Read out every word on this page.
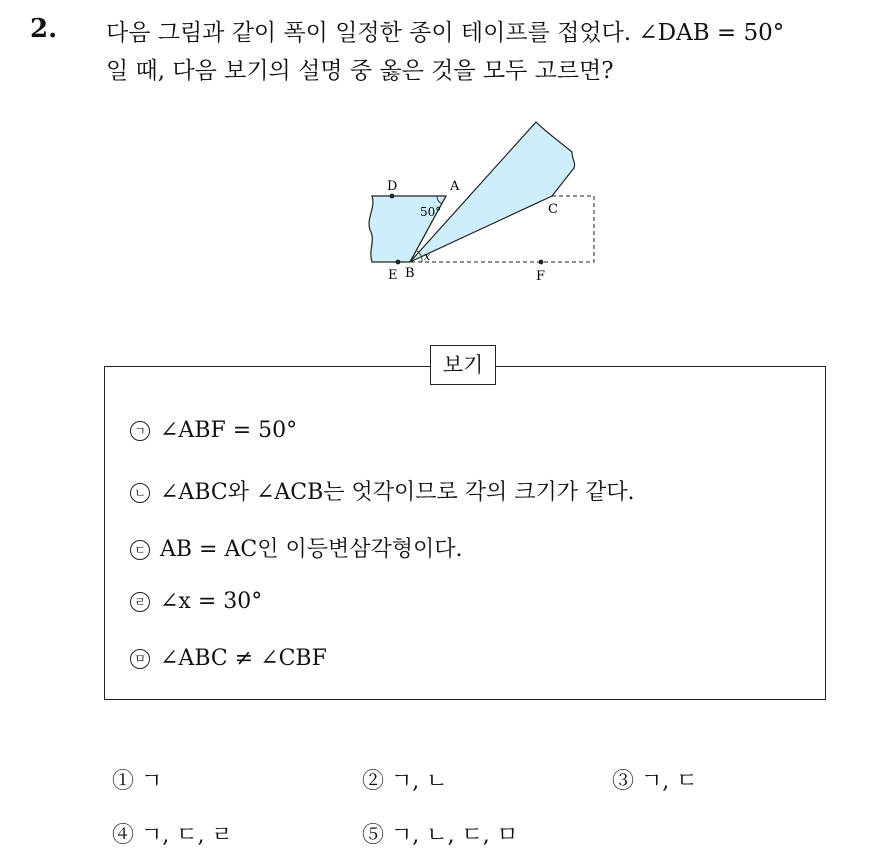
2. 다음 그림과 같이 폭이 일정한 종이 테이프를 접었다. ∠DAB = 50°
일 때, 다음 보기의 설명 중 옳은 것을 모두 고르면?
D	A
C
50°
x
E B	F
보기
ㄱ ∠ABF = 50°
ㄴ ∠ABC와 ∠ACB는 엇각이므로 각의 크기가 같다.
ㄷ AB = AC인 이등변삼각형이다.
ㄹ ∠x = 30°
ㅁ ∠ABC ≠ ∠CBF
① ㄱ	② ㄱ, ㄴ	③ ㄱ, ㄷ
④ ㄱ, ㄷ, ㄹ	⑤ ㄱ, ㄴ, ㄷ, ㅁ
